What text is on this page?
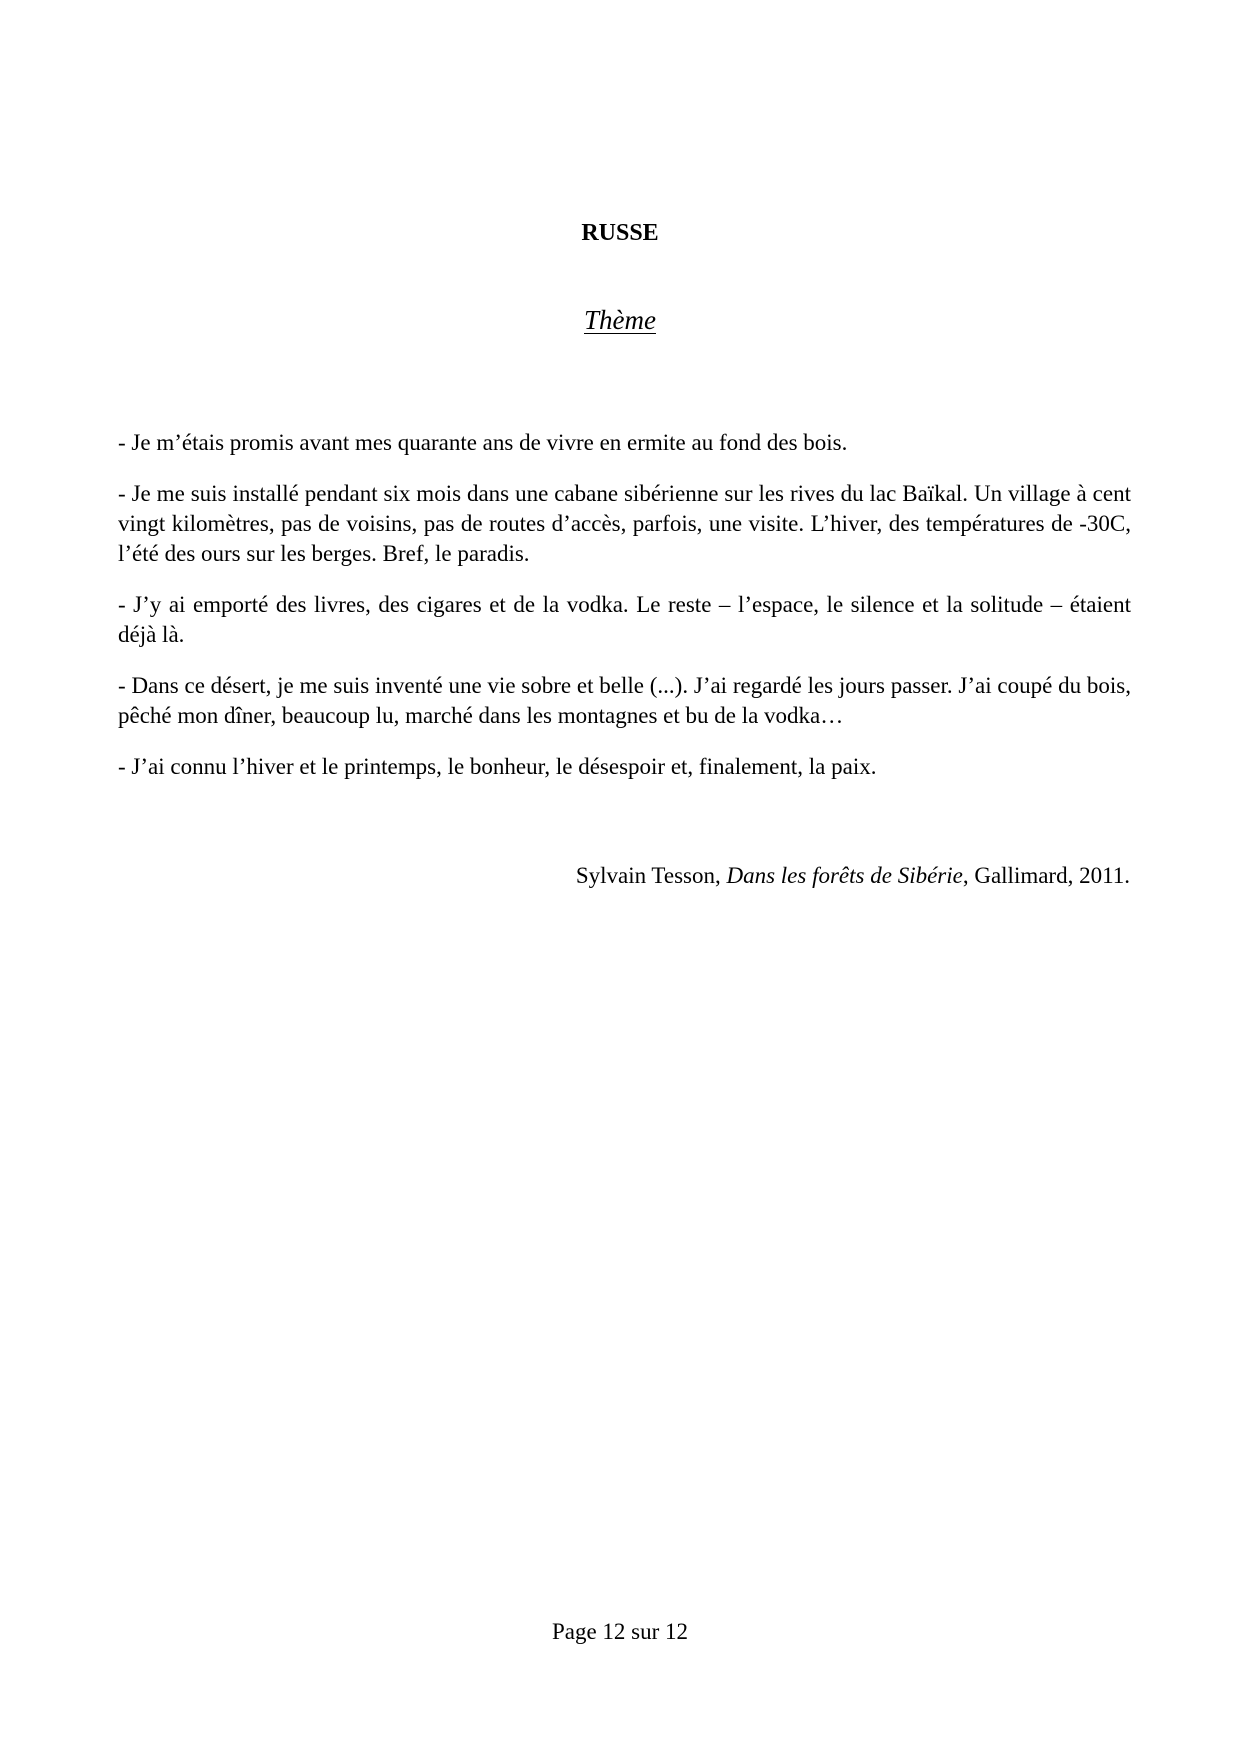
RUSSE
Thème

- Je m’étais promis avant mes quarante ans de vivre en ermite au fond des bois.

- Je me suis installé pendant six mois dans une cabane sibérienne sur les rives du lac Baïkal. Un village à cent vingt kilomètres, pas de voisins, pas de routes d’accès, parfois, une visite. L’hiver, des températures de -30C, l’été des ours sur les berges. Bref, le paradis.

- J’y ai emporté des livres, des cigares et de la vodka. Le reste – l’espace, le silence et la solitude – étaient déjà là.

- Dans ce désert, je me suis inventé une vie sobre et belle (...). J’ai regardé les jours passer. J’ai coupé du bois, pêché mon dîner, beaucoup lu, marché dans les montagnes et bu de la vodka…

- J’ai connu l’hiver et le printemps, le bonheur, le désespoir et, finalement, la paix.

Sylvain Tesson, Dans les forêts de Sibérie, Gallimard, 2011.
Page 12 sur 12
